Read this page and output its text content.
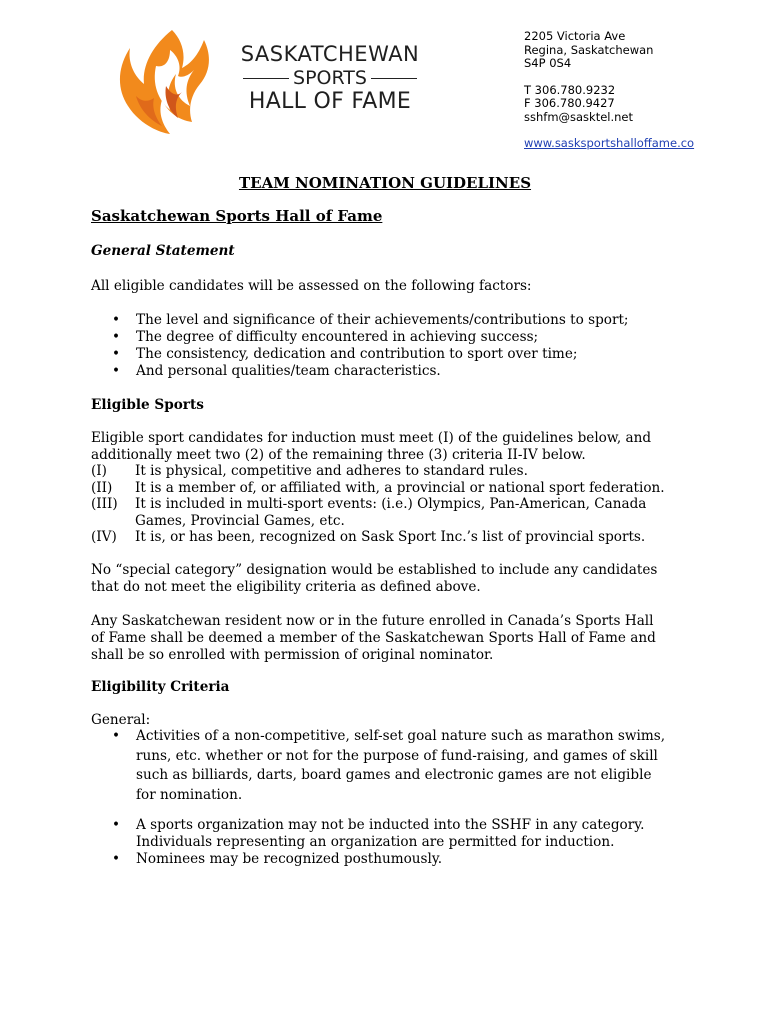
SASKATCHEWAN
SPORTS
HALL OF FAME
2205 Victoria Ave
Regina, Saskatchewan
S4P 0S4
T 306.780.9232
F 306.780.9427
sshfm@sasktel.net
www.sasksportshalloffame.co
TEAM NOMINATION GUIDELINES
Saskatchewan Sports Hall of Fame
General Statement
All eligible candidates will be assessed on the following factors:
• The level and significance of their achievements/contributions to sport;
• The degree of difficulty encountered in achieving success;
• The consistency, dedication and contribution to sport over time;
• And personal qualities/team characteristics.
Eligible Sports
Eligible sport candidates for induction must meet (I) of the guidelines below, and
additionally meet two (2) of the remaining three (3) criteria II-IV below.
(I) It is physical, competitive and adheres to standard rules.
(II) It is a member of, or affiliated with, a provincial or national sport federation.
(III) It is included in multi-sport events: (i.e.) Olympics, Pan-American, Canada
Games, Provincial Games, etc.
(IV) It is, or has been, recognized on Sask Sport Inc.’s list of provincial sports.
No “special category” designation would be established to include any candidates
that do not meet the eligibility criteria as defined above.
Any Saskatchewan resident now or in the future enrolled in Canada’s Sports Hall
of Fame shall be deemed a member of the Saskatchewan Sports Hall of Fame and
shall be so enrolled with permission of original nominator.
Eligibility Criteria
General:
• Activities of a non-competitive, self-set goal nature such as marathon swims,
runs, etc. whether or not for the purpose of fund-raising, and games of skill
such as billiards, darts, board games and electronic games are not eligible
for nomination.
• A sports organization may not be inducted into the SSHF in any category.
Individuals representing an organization are permitted for induction.
• Nominees may be recognized posthumously.
